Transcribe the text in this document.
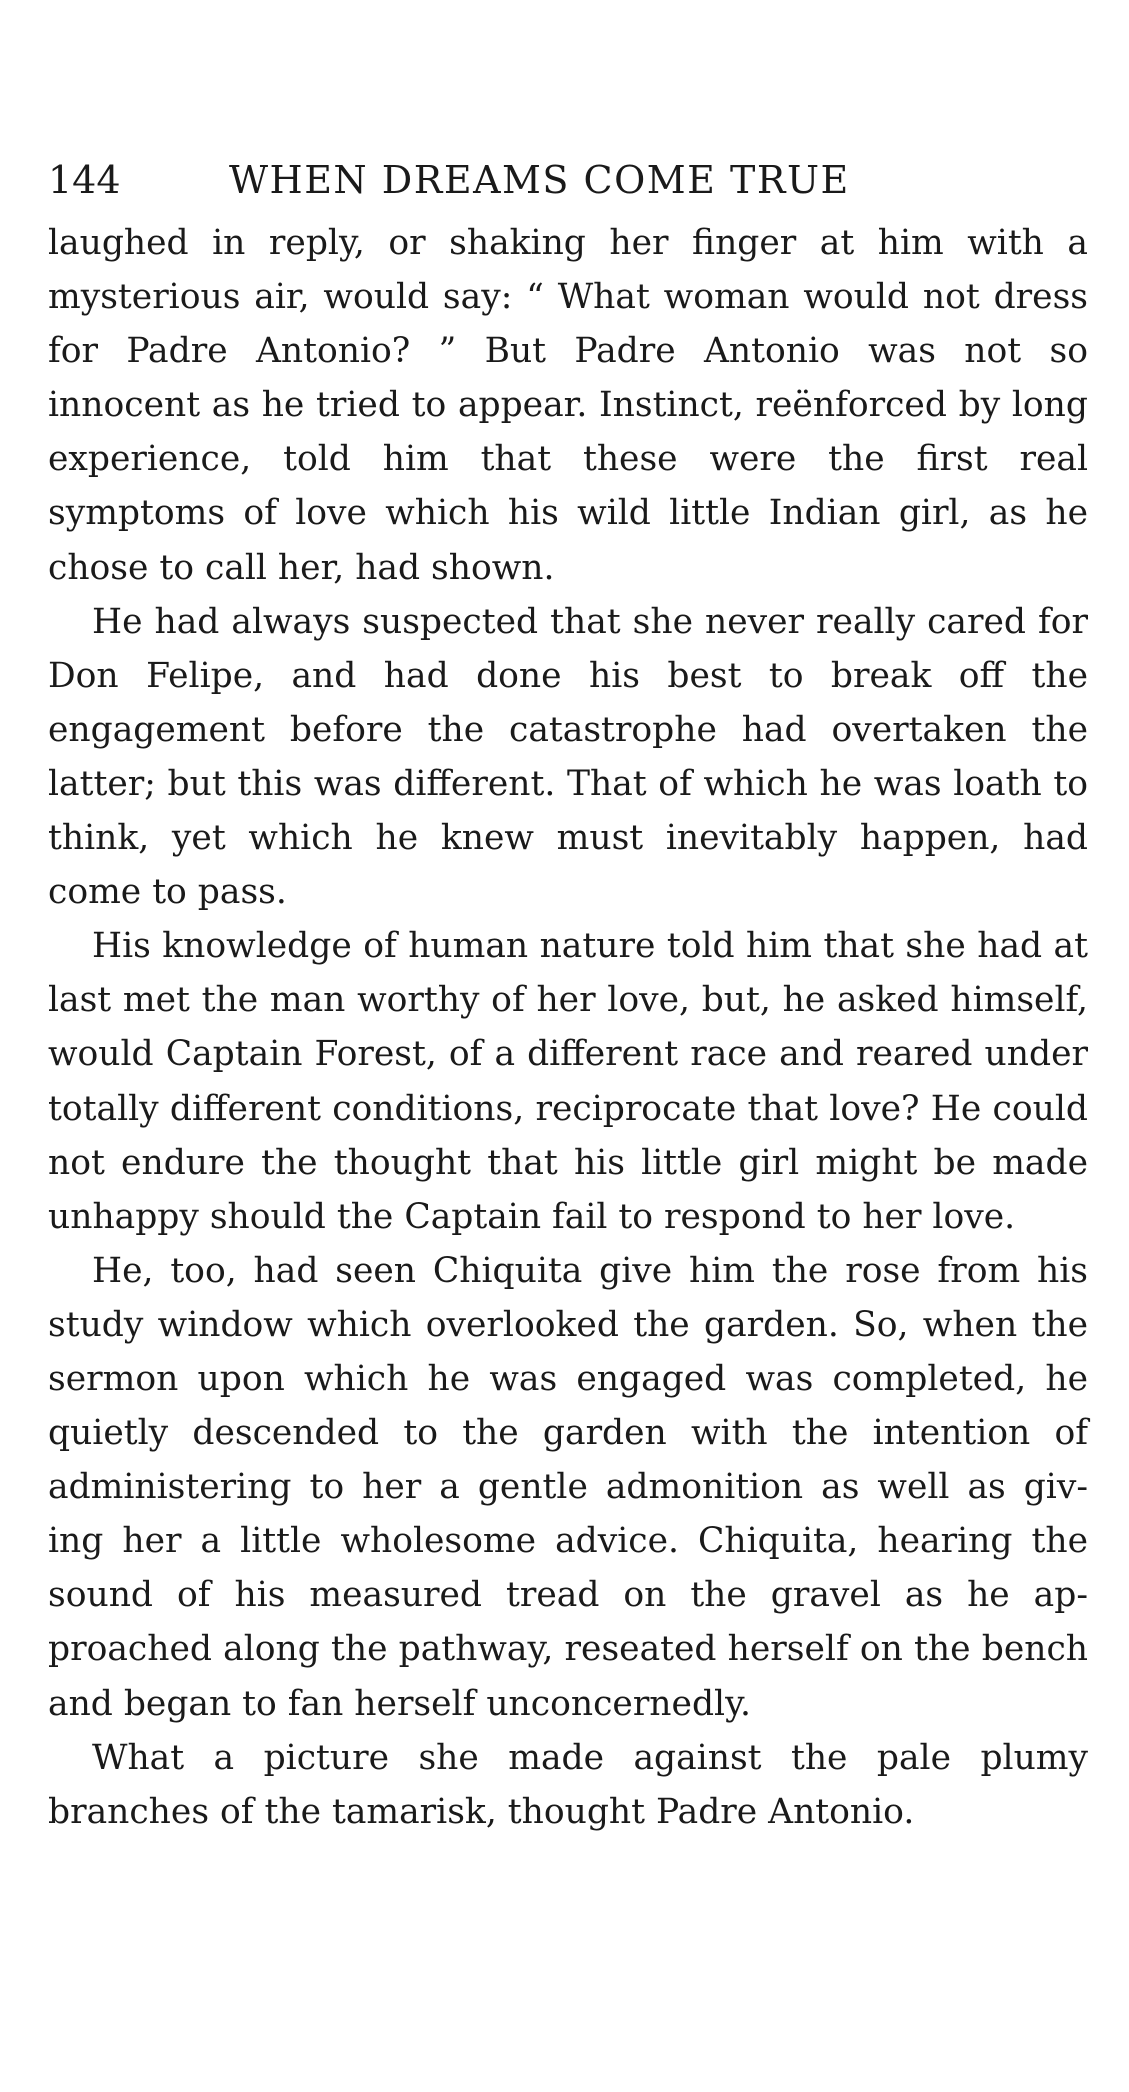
144	WHEN DREAMS COME TRUE

laughed in reply, or shaking her finger at him with a mysterious air, would say: “ What woman would not dress for Padre Antonio? ” But Padre Antonio was not so innocent as he tried to appear. Instinct, reënforced by long experience, told him that these were the first real symptoms of love which his wild little Indian girl, as he chose to call her, had shown.

He had always suspected that she never really cared for Don Felipe, and had done his best to break off the engagement before the catastrophe had overtaken the latter; but this was different. That of which he was loath to think, yet which he knew must inevitably happen, had come to pass.

His knowledge of human nature told him that she had at last met the man worthy of her love, but, he asked himself, would Captain Forest, of a different race and reared under totally different conditions, reciprocate that love? He could not endure the thought that his little girl might be made unhappy should the Captain fail to respond to her love.

He, too, had seen Chiquita give him the rose from his study window which overlooked the garden. So, when the sermon upon which he was engaged was completed, he quietly descended to the garden with the intention of administering to her a gentle admonition as well as giv- ing her a little wholesome advice. Chiquita, hearing the sound of his measured tread on the gravel as he ap- proached along the pathway, reseated herself on the bench and began to fan herself unconcernedly.

What a picture she made against the pale plumy branches of the tamarisk, thought Padre Antonio.
